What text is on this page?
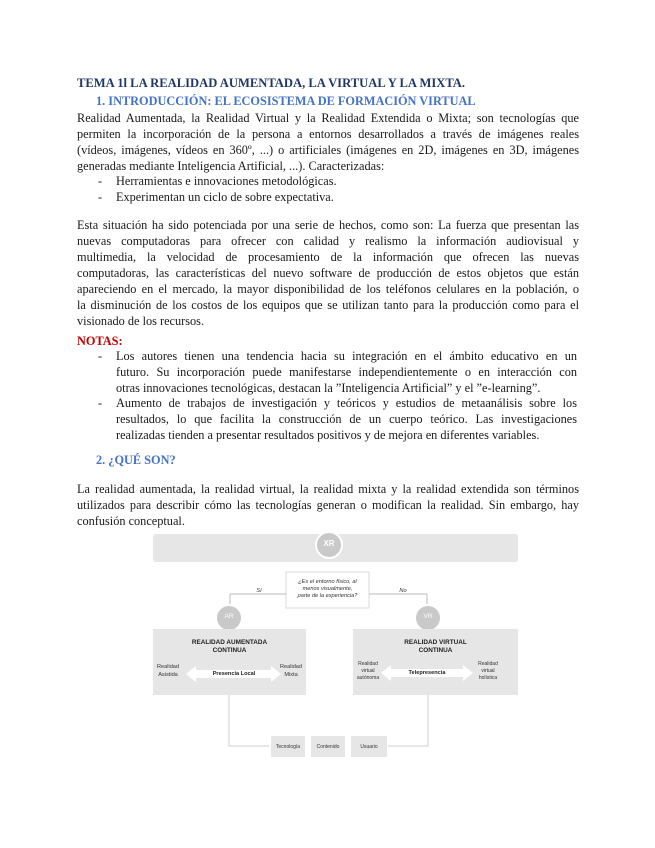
TEMA 1l LA REALIDAD AUMENTADA, LA VIRTUAL Y LA MIXTA.
1. INTRODUCCIÓN: EL ECOSISTEMA DE FORMACIÓN VIRTUAL
Realidad Aumentada, la Realidad Virtual y la Realidad Extendida o Mixta; son tecnologías que
permiten la incorporación de la persona a entornos desarrollados a través de imágenes reales
(vídeos, imágenes, vídeos en 360º, ...) o artificiales (imágenes en 2D, imágenes en 3D, imágenes
generadas mediante Inteligencia Artificial, ...). Caracterizadas:
- Herramientas e innovaciones metodológicas.
- Experimentan un ciclo de sobre expectativa.
Esta situación ha sido potenciada por una serie de hechos, como son: La fuerza que presentan las
nuevas computadoras para ofrecer con calidad y realismo la información audiovisual y
multimedia, la velocidad de procesamiento de la información que ofrecen las nuevas
computadoras, las características del nuevo software de producción de estos objetos que están
apareciendo en el mercado, la mayor disponibilidad de los teléfonos celulares en la población, o
la disminución de los costos de los equipos que se utilizan tanto para la producción como para el
visionado de los recursos.
NOTAS:
- Los autores tienen una tendencia hacia su integración en el ámbito educativo en un
futuro. Su incorporación puede manifestarse independientemente o en interacción con
otras innovaciones tecnológicas, destacan la ”Inteligencia Artificial” y el ”e-learning”.
- Aumento de trabajos de investigación y teóricos y estudios de metaanálisis sobre los
resultados, lo que facilita la construcción de un cuerpo teórico. Las investigaciones
realizadas tienden a presentar resultados positivos y de mejora en diferentes variables.
2. ¿QUÉ SON?
La realidad aumentada, la realidad virtual, la realidad mixta y la realidad extendida son términos
utilizados para describir cómo las tecnologías generan o modifican la realidad. Sin embargo, hay
confusión conceptual.
XR
¿Es el entorno físico, al
menos visualmente,
parte de la experiencia?
Sí	No
AR	VR
REALIDAD AUMENTADA
CONTINUA
REALIDAD VIRTUAL
CONTINUA
Realidad
Asistida	Presencia Local
Realidad
Mixta
Realidad
virtual
autónoma
Telepresencia
Realidad
virtual
holística
Tecnología	Contenido	Usuario
